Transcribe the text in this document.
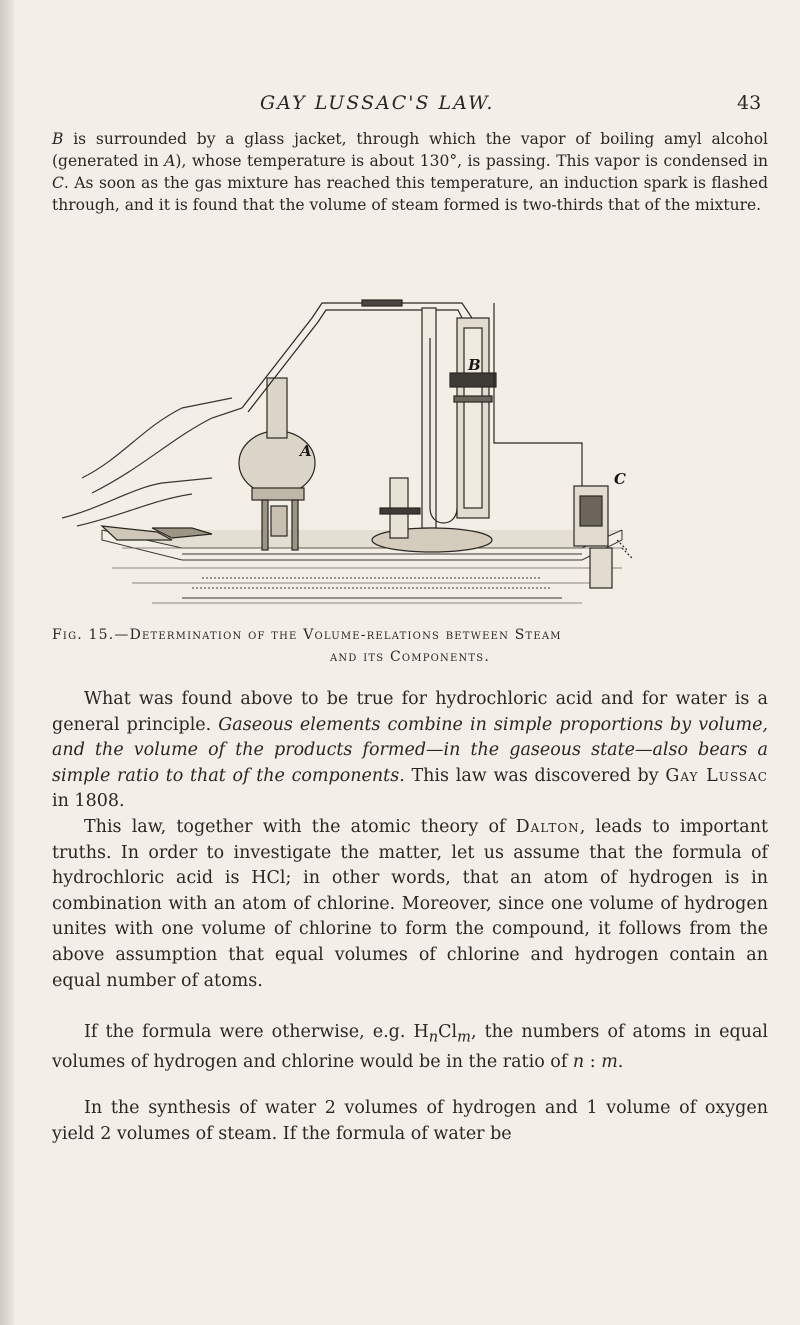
GAY LUSSAC'S LAW.	43

B is surrounded by a glass jacket, through which the vapor of boiling amyl alcohol (generated in A), whose temperature is about 130°, is passing. This vapor is condensed in C. As soon as the gas mixture has reached this temperature, an induction spark is flashed through, and it is found that the volume of steam formed is two-thirds that of the mixture.

A
B
C
Fig. 15.—Determination of the Volume-relations between Steam
and its Components.

What was found above to be true for hydrochloric acid and for water is a general principle. Gaseous elements combine in simple proportions by volume, and the volume of the products formed—in the gaseous state—also bears a simple ratio to that of the components. This law was discovered by Gay Lussac in 1808.

This law, together with the atomic theory of Dalton, leads to important truths. In order to investigate the matter, let us assume that the formula of hydrochloric acid is HCl; in other words, that an atom of hydrogen is in combination with an atom of chlorine. Moreover, since one volume of hydrogen unites with one volume of chlorine to form the compound, it follows from the above assumption that equal volumes of chlorine and hydrogen contain an equal number of atoms.

If the formula were otherwise, e.g. $H_nCl_m$, the numbers of atoms in equal volumes of hydrogen and chlorine would be in the ratio of n : m.

In the synthesis of water 2 volumes of hydrogen and 1 volume of oxygen yield 2 volumes of steam. If the formula of water be
